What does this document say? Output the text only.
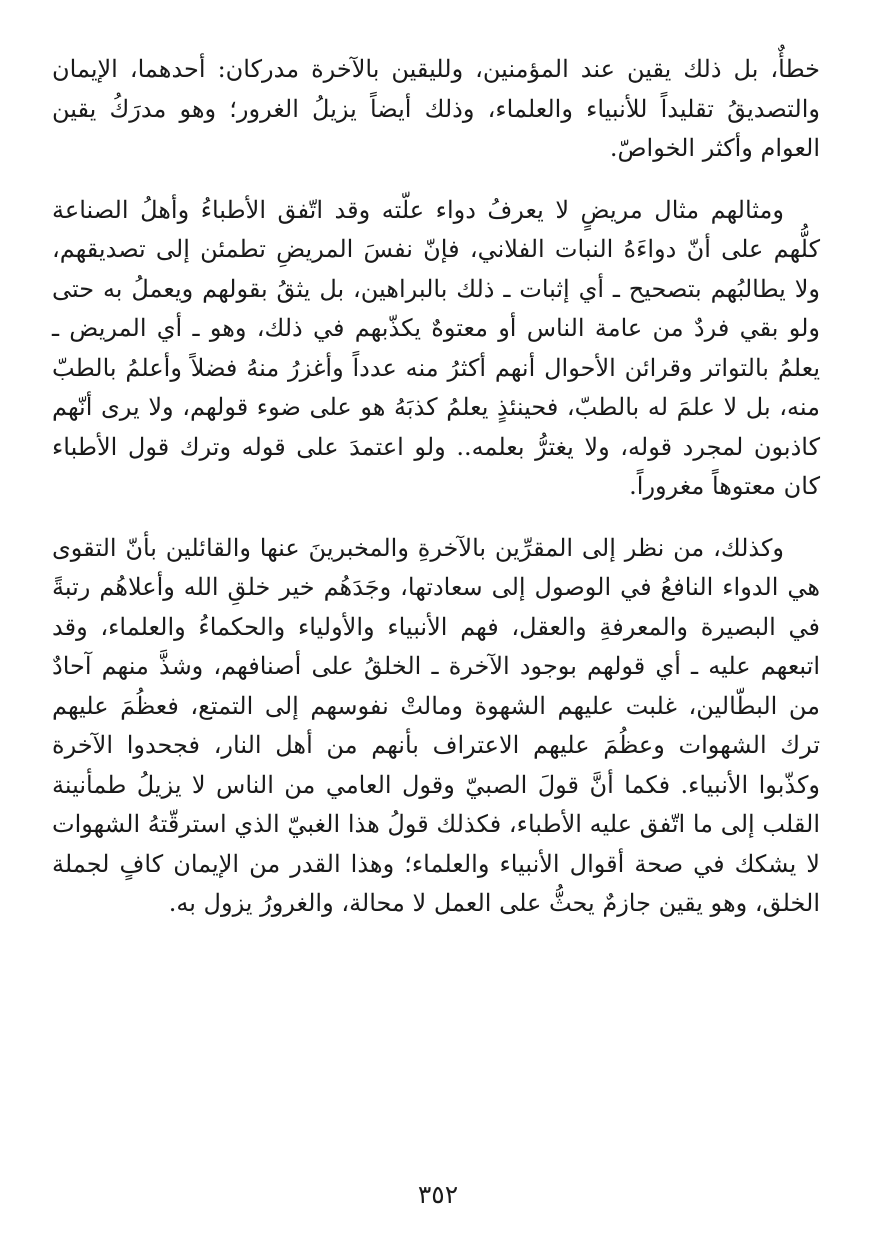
خطأٌ، بل ذلك يقين عند المؤمنين، ولليقين بالآخرة مدركان: أحدهما، الإيمان والتصديقُ تقليداً للأنبياء والعلماء، وذلك أيضاً يزيلُ الغرور؛ وهو مدرَكُ يقين العوام وأكثر الخواصّ.

ومثالهم مثال مريضٍ لا يعرفُ دواء علّته وقد اتّفق الأطباءُ وأهلُ الصناعة كلُّهم على أنّ دواءَهُ النبات الفلاني، فإنّ نفسَ المريضِ تطمئن إلى تصديقهم، ولا يطالبُهم بتصحيح ـ أي إثبات ـ ذلك بالبراهين، بل يثقُ بقولهم ويعملُ به حتى ولو بقي فردٌ من عامة الناس أو معتوهٌ يكذّبهم في ذلك، وهو ـ أي المريض ـ يعلمُ بالتواتر وقرائن الأحوال أنهم أكثرُ منه عدداً وأغزرُ منهُ فضلاً وأعلمُ بالطبّ منه، بل لا علمَ له بالطبّ، فحينئذٍ يعلمُ كذبَهُ هو على ضوء قولهم، ولا يرى أنّهم كاذبون لمجرد قوله، ولا يغترُّ بعلمه.. ولو اعتمدَ على قوله وترك قول الأطباء كان معتوهاً مغروراً.

وكذلك، من نظر إلى المقرِّين بالآخرةِ والمخبرينَ عنها والقائلين بأنّ التقوى هي الدواء النافعُ في الوصول إلى سعادتها، وجَدَهُم خير خلقِ الله وأعلاهُم رتبةً في البصيرة والمعرفةِ والعقل، فهم الأنبياء والأولياء والحكماءُ والعلماء، وقد اتبعهم عليه ـ أي قولهم بوجود الآخرة ـ الخلقُ على أصنافهم، وشذَّ منهم آحادٌ من البطّالين، غلبت عليهم الشهوة ومالتْ نفوسهم إلى التمتع، فعظُمَ عليهم ترك الشهوات وعظُمَ عليهم الاعتراف بأنهم من أهل النار، فجحدوا الآخرة وكذّبوا الأنبياء. فكما أنَّ قولَ الصبيّ وقول العامي من الناس لا يزيلُ طمأنينة القلب إلى ما اتّفق عليه الأطباء، فكذلك قولُ هذا الغبيّ الذي استرقّتهُ الشهوات لا يشكك في صحة أقوال الأنبياء والعلماء؛ وهذا القدر من الإيمان كافٍ لجملة الخلق، وهو يقين جازمٌ يحثُّ على العمل لا محالة، والغرورُ يزول به.

٣٥٢
